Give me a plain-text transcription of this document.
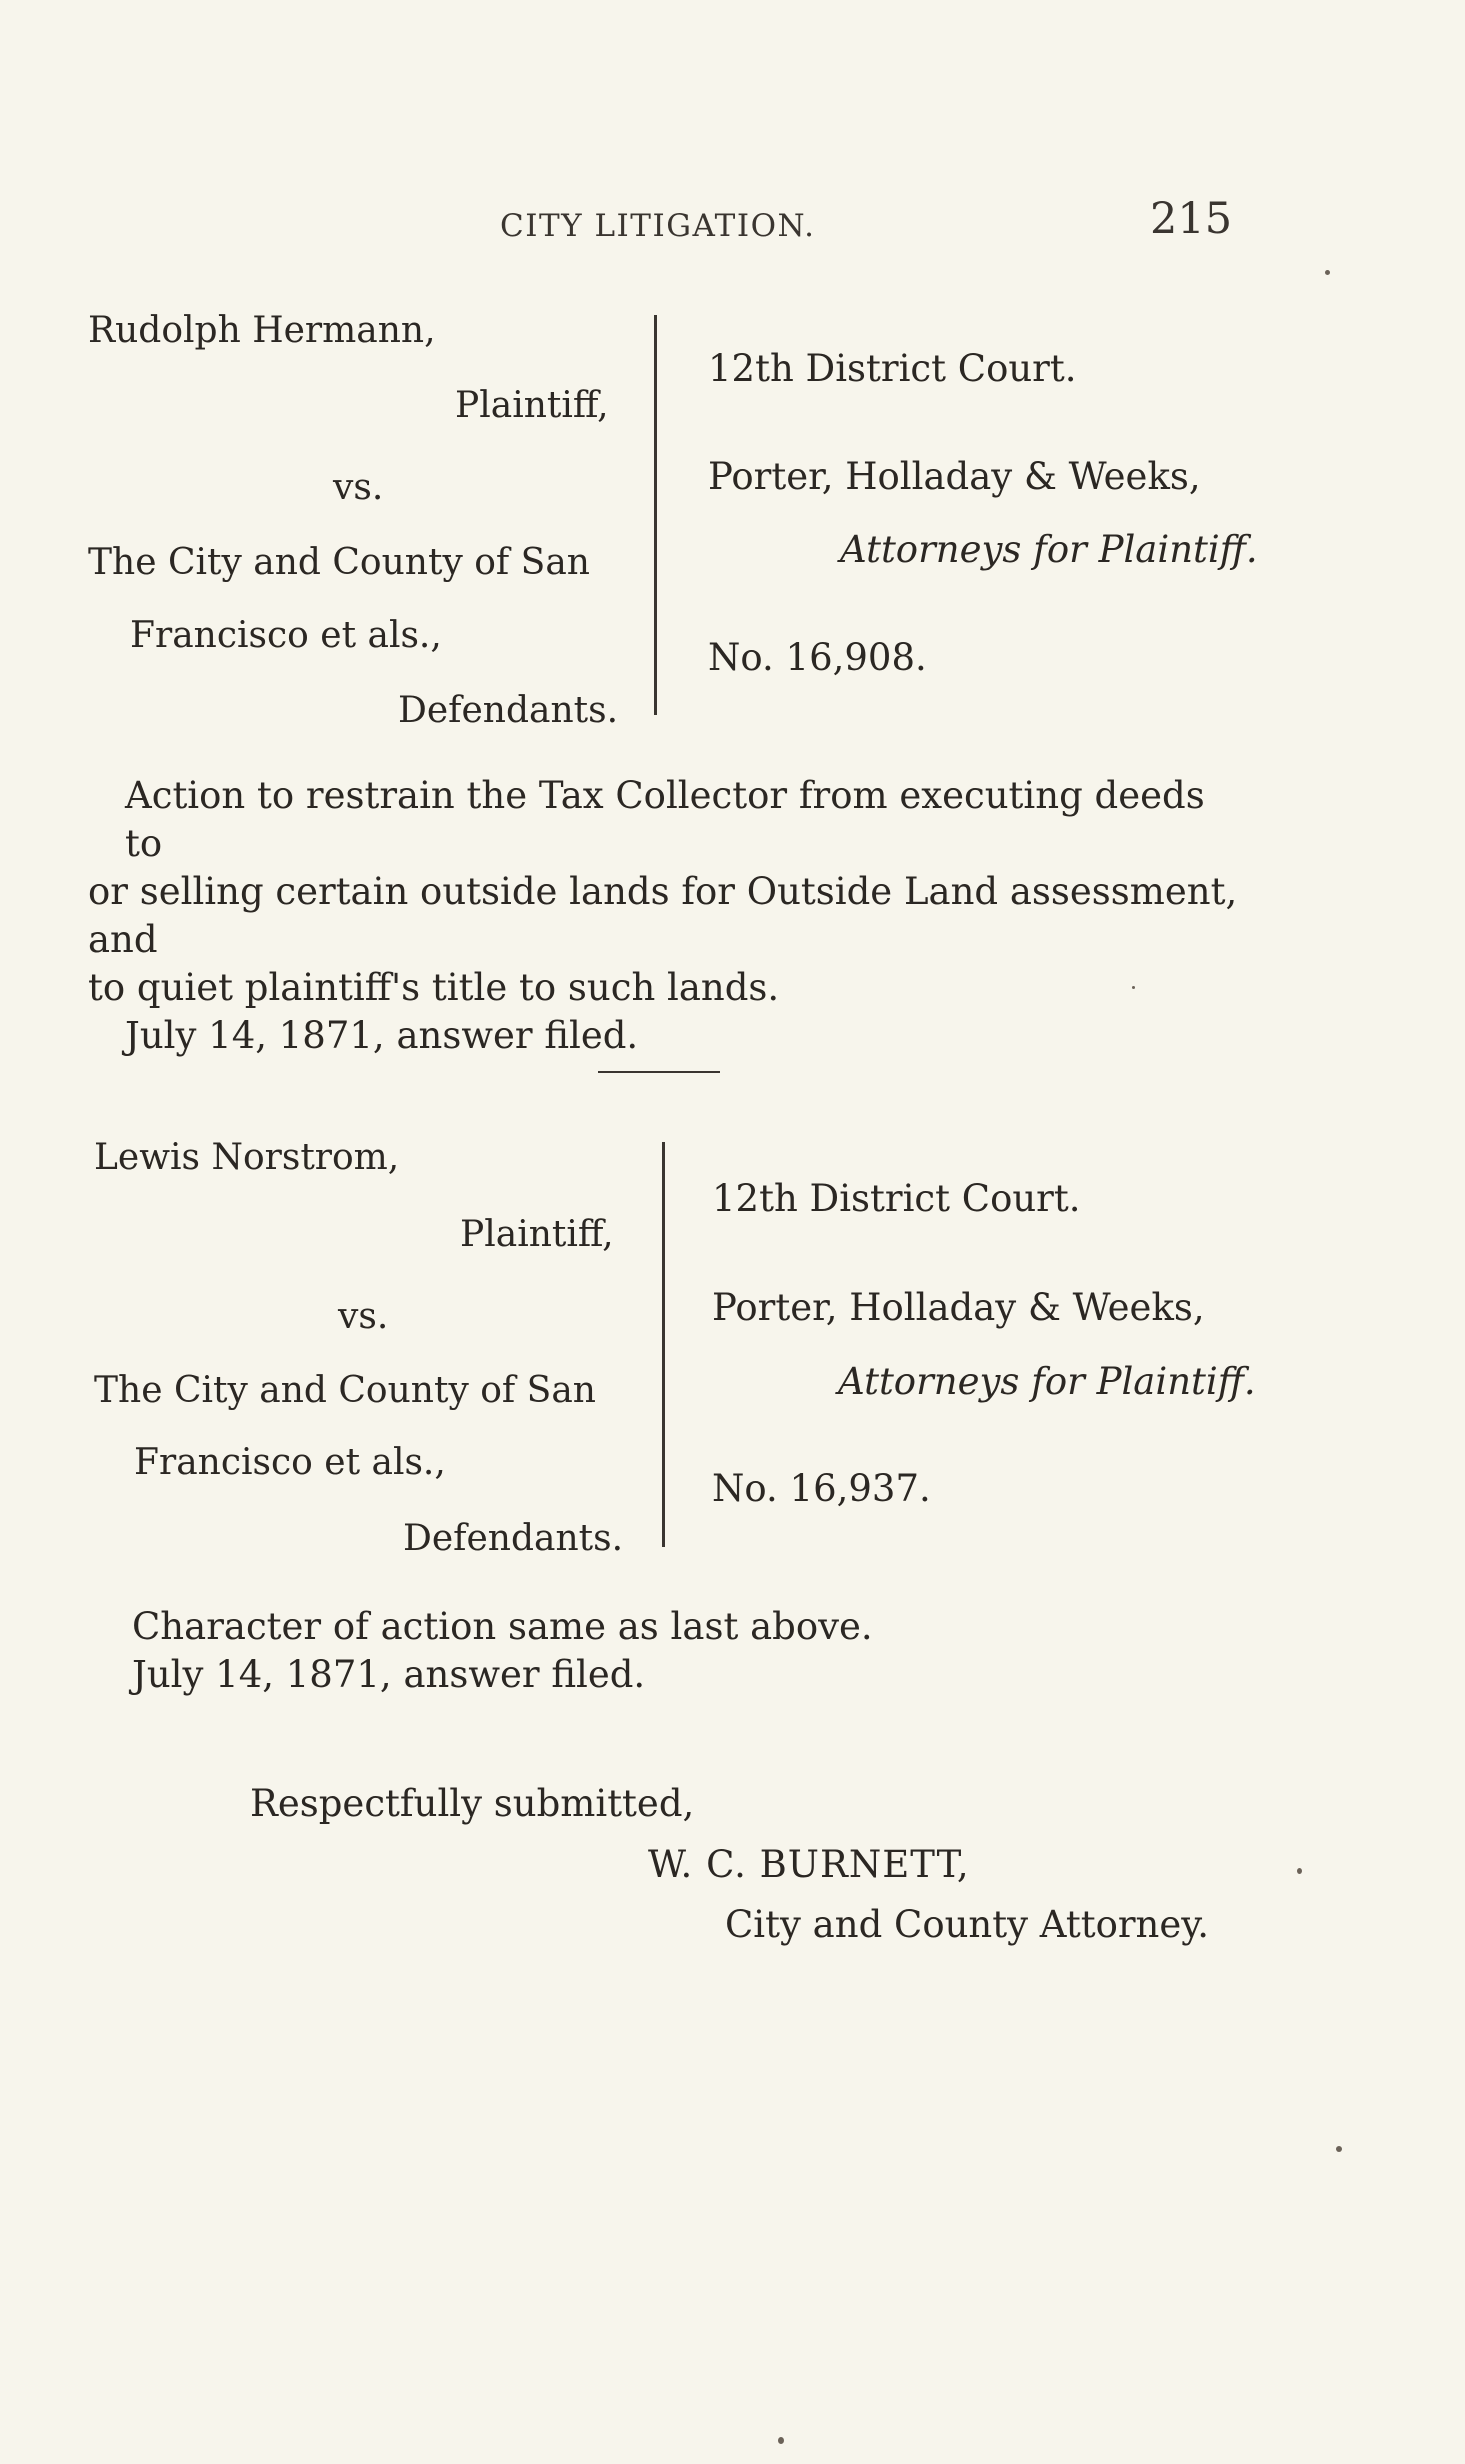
CITY LITIGATION.	215
Rudolph Hermann,
Plaintiff,
vs.
The City and County of San
Francisco et als.,
Defendants.
12th District Court.
Porter, Holladay & Weeks,
Attorneys for Plaintiff.
No. 16,908.
Action to restrain the Tax Collector from executing deeds to
or selling certain outside lands for Outside Land assessment, and
to quiet plaintiff's title to such lands.
July 14, 1871, answer filed.
Lewis Norstrom,
Plaintiff,
vs.
The City and County of San
Francisco et als.,
Defendants.
12th District Court.
Porter, Holladay & Weeks,
Attorneys for Plaintiff.
No. 16,937.
Character of action same as last above.
July 14, 1871, answer filed.
Respectfully submitted,
W. C. BURNETT,
City and County Attorney.
